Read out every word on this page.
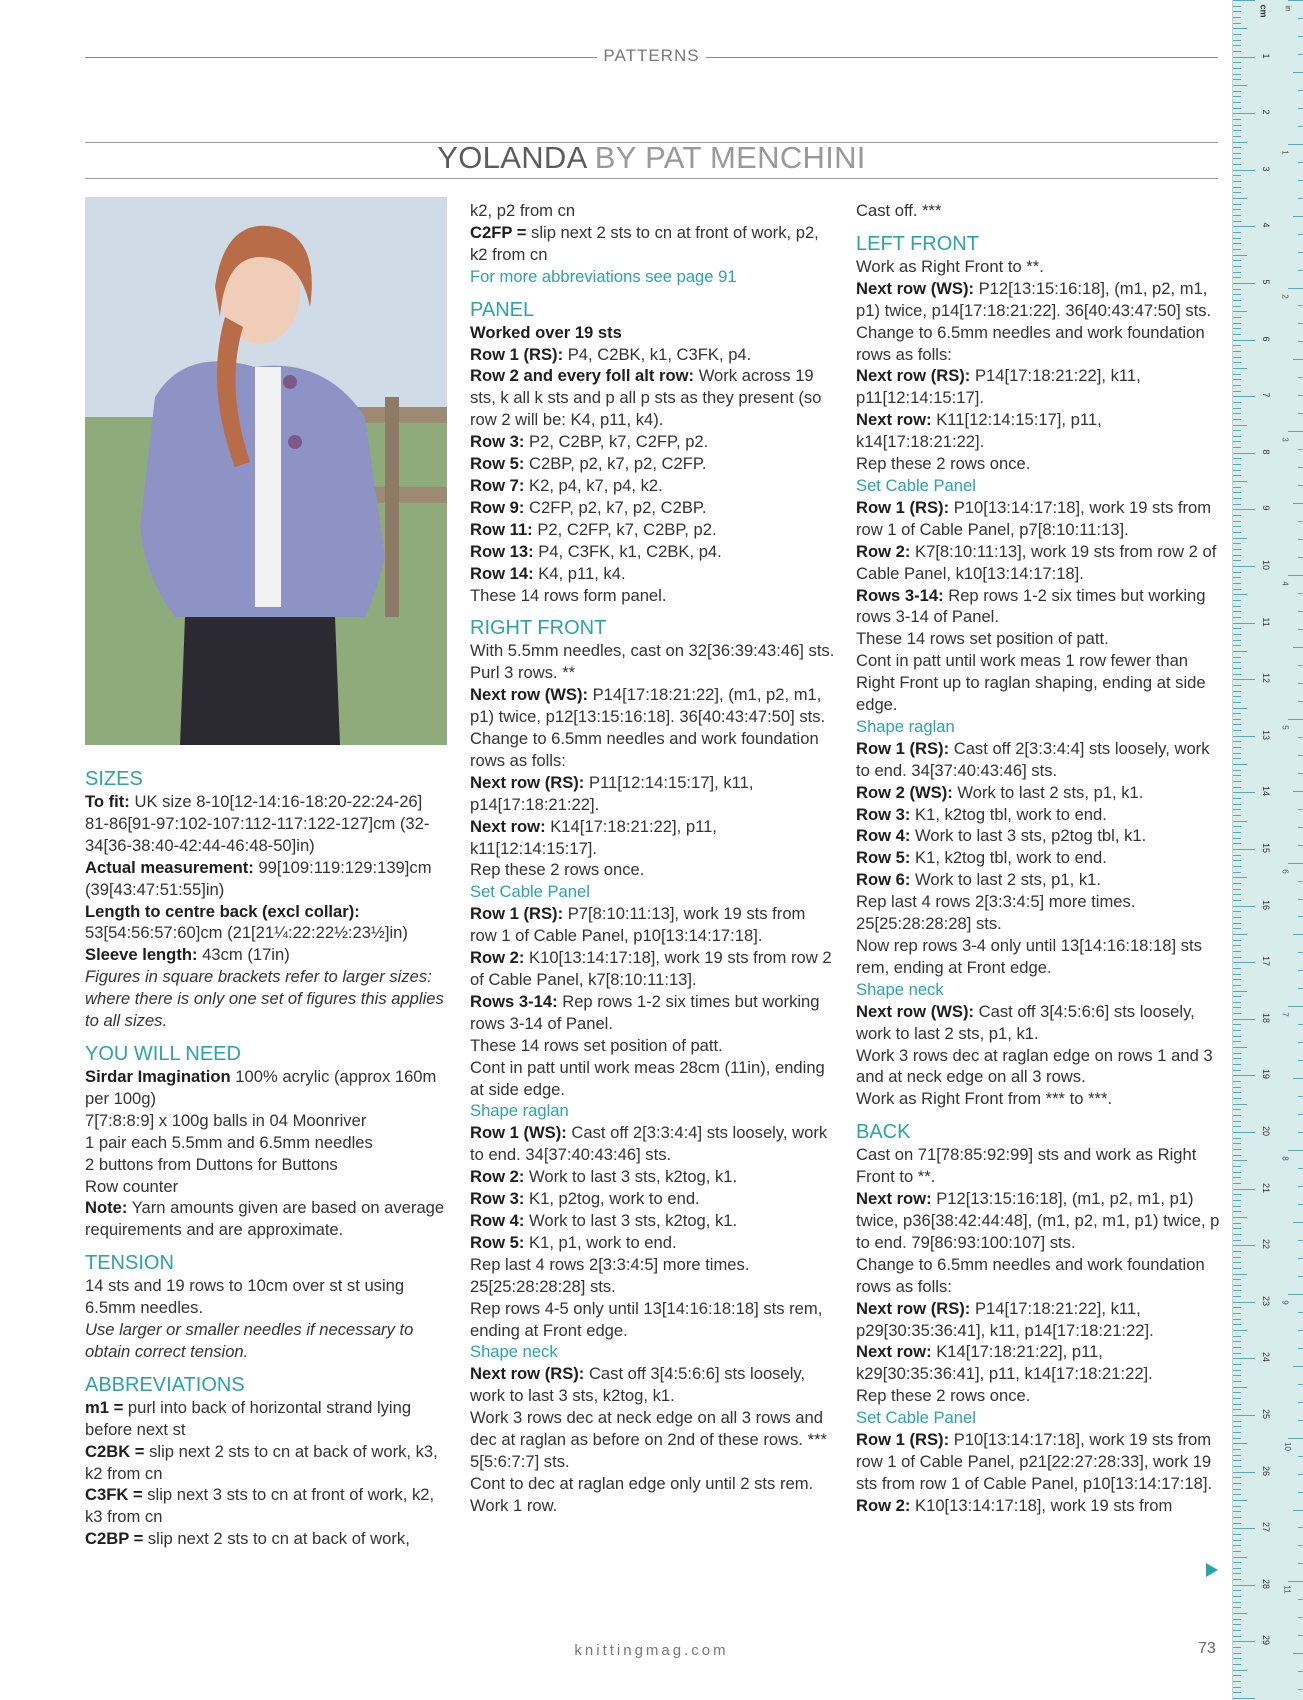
PATTERNS
YOLANDA BY PAT MENCHINI

SIZES

To fit: UK size 8-10[12-14:16-18:20-22:24-26] 81-86[91-97:102-107:112-117:122-127]cm (32-34[36-38:40-42:44-46:48-50]in)

Actual measurement: 99[109:119:129:139]cm (39[43:47:51:55]in)

Length to centre back (excl collar): 53[54:56:57:60]cm (21[21¼:22:22½:23½]in)

Sleeve length: 43cm (17in)

Figures in square brackets refer to larger sizes: where there is only one set of figures this applies to all sizes.

YOU WILL NEED

Sirdar Imagination 100% acrylic (approx 160m per 100g)

7[7:8:8:9] x 100g balls in 04 Moonriver

1 pair each 5.5mm and 6.5mm needles

2 buttons from Duttons for Buttons

Row counter

Note: Yarn amounts given are based on average requirements and are approximate.

TENSION

14 sts and 19 rows to 10cm over st st using 6.5mm needles.

Use larger or smaller needles if necessary to obtain correct tension.

ABBREVIATIONS

m1 = purl into back of horizontal strand lying before next st

C2BK = slip next 2 sts to cn at back of work, k3, k2 from cn

C3FK = slip next 3 sts to cn at front of work, k2, k3 from cn

C2BP = slip next 2 sts to cn at back of work,

k2, p2 from cn

C2FP = slip next 2 sts to cn at front of work, p2, k2 from cn

For more abbreviations see page 91

PANEL

Worked over 19 sts

Row 1 (RS): P4, C2BK, k1, C3FK, p4.

Row 2 and every foll alt row: Work across 19 sts, k all k sts and p all p sts as they present (so row 2 will be: K4, p11, k4).

Row 3: P2, C2BP, k7, C2FP, p2.

Row 5: C2BP, p2, k7, p2, C2FP.

Row 7: K2, p4, k7, p4, k2.

Row 9: C2FP, p2, k7, p2, C2BP.

Row 11: P2, C2FP, k7, C2BP, p2.

Row 13: P4, C3FK, k1, C2BK, p4.

Row 14: K4, p11, k4.

These 14 rows form panel.

RIGHT FRONT

With 5.5mm needles, cast on 32[36:39:43:46] sts.

Purl 3 rows. **

Next row (WS): P14[17:18:21:22], (m1, p2, m1, p1) twice, p12[13:15:16:18]. 36[40:43:47:50] sts.

Change to 6.5mm needles and work foundation rows as folls:

Next row (RS): P11[12:14:15:17], k11, p14[17:18:21:22].

Next row: K14[17:18:21:22], p11, k11[12:14:15:17].

Rep these 2 rows once.

Set Cable Panel

Row 1 (RS): P7[8:10:11:13], work 19 sts from row 1 of Cable Panel, p10[13:14:17:18].

Row 2: K10[13:14:17:18], work 19 sts from row 2 of Cable Panel, k7[8:10:11:13].

Rows 3-14: Rep rows 1-2 six times but working rows 3-14 of Panel.

These 14 rows set position of patt.

Cont in patt until work meas 28cm (11in), ending at side edge.

Shape raglan

Row 1 (WS): Cast off 2[3:3:4:4] sts loosely, work to end. 34[37:40:43:46] sts.

Row 2: Work to last 3 sts, k2tog, k1.

Row 3: K1, p2tog, work to end.

Row 4: Work to last 3 sts, k2tog, k1.

Row 5: K1, p1, work to end.

Rep last 4 rows 2[3:3:4:5] more times. 25[25:28:28:28] sts.

Rep rows 4-5 only until 13[14:16:18:18] sts rem, ending at Front edge.

Shape neck

Next row (RS): Cast off 3[4:5:6:6] sts loosely, work to last 3 sts, k2tog, k1.

Work 3 rows dec at neck edge on all 3 rows and dec at raglan as before on 2nd of these rows. *** 5[5:6:7:7] sts.

Cont to dec at raglan edge only until 2 sts rem.

Work 1 row.

Cast off. ***

LEFT FRONT

Work as Right Front to **.

Next row (WS): P12[13:15:16:18], (m1, p2, m1, p1) twice, p14[17:18:21:22]. 36[40:43:47:50] sts.

Change to 6.5mm needles and work foundation rows as folls:

Next row (RS): P14[17:18:21:22], k11, p11[12:14:15:17].

Next row: K11[12:14:15:17], p11, k14[17:18:21:22].

Rep these 2 rows once.

Set Cable Panel

Row 1 (RS): P10[13:14:17:18], work 19 sts from row 1 of Cable Panel, p7[8:10:11:13].

Row 2: K7[8:10:11:13], work 19 sts from row 2 of Cable Panel, k10[13:14:17:18].

Rows 3-14: Rep rows 1-2 six times but working rows 3-14 of Panel.

These 14 rows set position of patt.

Cont in patt until work meas 1 row fewer than Right Front up to raglan shaping, ending at side edge.

Shape raglan

Row 1 (RS): Cast off 2[3:3:4:4] sts loosely, work to end. 34[37:40:43:46] sts.

Row 2 (WS): Work to last 2 sts, p1, k1.

Row 3: K1, k2tog tbl, work to end.

Row 4: Work to last 3 sts, p2tog tbl, k1.

Row 5: K1, k2tog tbl, work to end.

Row 6: Work to last 2 sts, p1, k1.

Rep last 4 rows 2[3:3:4:5] more times. 25[25:28:28:28] sts.

Now rep rows 3-4 only until 13[14:16:18:18] sts rem, ending at Front edge.

Shape neck

Next row (WS): Cast off 3[4:5:6:6] sts loosely, work to last 2 sts, p1, k1.

Work 3 rows dec at raglan edge on rows 1 and 3 and at neck edge on all 3 rows.

Work as Right Front from *** to ***.

BACK

Cast on 71[78:85:92:99] sts and work as Right Front to **.

Next row: P12[13:15:16:18], (m1, p2, m1, p1) twice, p36[38:42:44:48], (m1, p2, m1, p1) twice, p to end. 79[86:93:100:107] sts.

Change to 6.5mm needles and work foundation rows as folls:

Next row (RS): P14[17:18:21:22], k11, p29[30:35:36:41], k11, p14[17:18:21:22].

Next row: K14[17:18:21:22], p11, k29[30:35:36:41], p11, k14[17:18:21:22].

Rep these 2 rows once.

Set Cable Panel

Row 1 (RS): P10[13:14:17:18], work 19 sts from row 1 of Cable Panel, p21[22:27:28:33], work 19 sts from row 1 of Cable Panel, p10[13:14:17:18].

Row 2: K10[13:14:17:18], work 19 sts from

cm in
1
2
3
4
5
6
7
8
9
10
11
12
13
14
15
16
17
18
19
20
21
22
23
24
25
26
27
28
29
1
2
3
4
5
6
7
8
9
10
11
knittingmag.com	73
